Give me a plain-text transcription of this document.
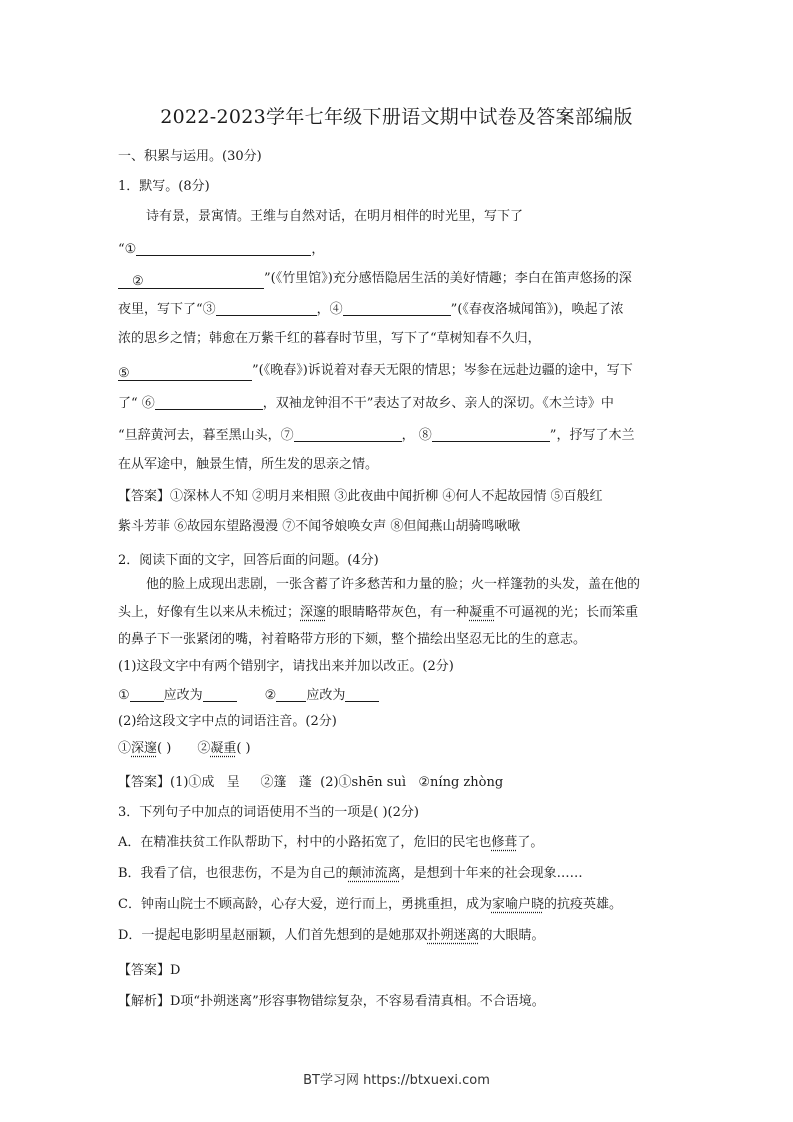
2022-2023学年七年级下册语文期中试卷及答案部编版
一、积累与运用。(30分)
1．默写。(8分)
诗有景，景寓情。王维与自然对话，在明月相伴的时光里，写下了
“①	，
②	”(《竹里馆》)充分感悟隐居生活的美好情趣；李白在笛声悠扬的深
夜里，写下了“③	，④	”(《春夜洛城闻笛》)，唤起了浓
浓的思乡之情；韩愈在万紫千红的暮春时节里，写下了“草树知春不久归，
⑤	”(《晚春》)诉说着对春天无限的情思；岑参在远赴边疆的途中，写下
了“ ⑥	，双袖龙钟泪不干”表达了对故乡、亲人的深切。《木兰诗》中
“旦辞黄河去，暮至黑山头，⑦	， ⑧	”，抒写了木兰
在从军途中，触景生情，所生发的思亲之情。
【答案】①深林人不知 ②明月来相照 ③此夜曲中闻折柳 ④何人不起故园情 ⑤百般红
紫斗芳菲 ⑥故园东望路漫漫 ⑦不闻爷娘唤女声 ⑧但闻燕山胡骑鸣啾啾
2．阅读下面的文字，回答后面的问题。(4分)
他的脸上成现出悲剧，一张含蓄了许多愁苦和力量的脸；火一样篷勃的头发，盖在他的
头上，好像有生以来从未梳过；深邃的眼睛略带灰色，有一种凝重不可逼视的光；长而笨重
的鼻子下一张紧闭的嘴，衬着略带方形的下颏，整个描绘出坚忍无比的生的意志。
(1)这段文字中有两个错别字，请找出来并加以改正。(2分)
①	应改为	② 应改为
(2)给这段文字中点的词语注音。(2分)
①深邃( ) ②凝重( )
【答案】(1)①成   呈     ②篷   蓬  (2)①shēn suì   ②níng zhòng
3．下列句子中加点的词语使用不当的一项是( )(2分)
A．在精准扶贫工作队帮助下，村中的小路拓宽了，危旧的民宅也修葺了。
B．我看了信，也很悲伤，不是为自己的颠沛流离，是想到十年来的社会现象……
C．钟南山院士不顾高龄，心存大爱，逆行而上，勇挑重担，成为家喻户晓的抗疫英雄。
D．一提起电影明星赵丽颖，人们首先想到的是她那双扑朔迷离的大眼睛。
【答案】D
【解析】D项“扑朔迷离”形容事物错综复杂，不容易看清真相。不合语境。
BT学习网 https://btxuexi.com
